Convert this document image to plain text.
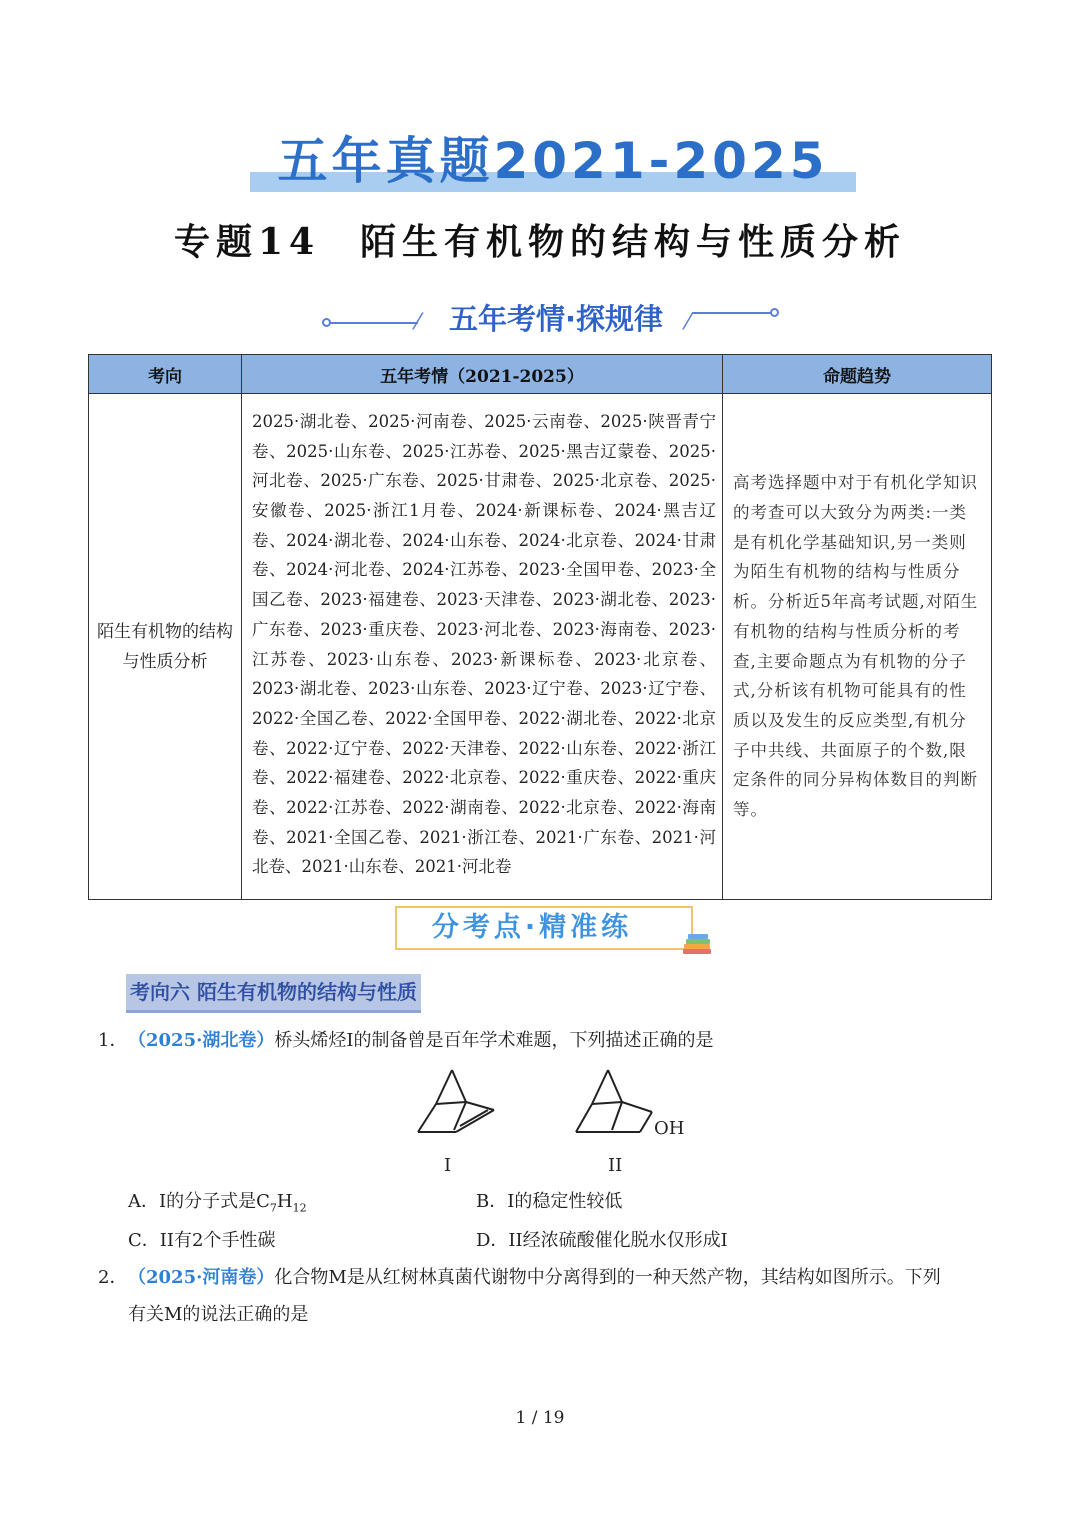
五年真题2021-2025
专题14 陌生有机物的结构与性质分析
⁄	五年考情·探规律	⁄
考向	五年考情（2021-2025）	命题趋势
陌生有机物的结构与性质分析	2025·湖北卷、2025·河南卷、2025·云南卷、2025·陕晋青宁卷、2025·山东卷、2025·江苏卷、2025·黑吉辽蒙卷、2025·河北卷、2025·广东卷、2025·甘肃卷、2025·北京卷、2025·安徽卷、2025·浙江1月卷、2024·新课标卷、2024·黑吉辽卷、2024·湖北卷、2024·山东卷、2024·北京卷、2024·甘肃卷、2024·河北卷、2024·江苏卷、2023·全国甲卷、2023·全国乙卷、2023·福建卷、2023·天津卷、2023·湖北卷、2023·广东卷、2023·重庆卷、2023·河北卷、2023·海南卷、2023·江苏卷、2023·山东卷、2023·新课标卷、2023·北京卷、2023·湖北卷、2023·山东卷、2023·辽宁卷、2023·辽宁卷、2022·全国乙卷、2022·全国甲卷、2022·湖北卷、2022·北京卷、2022·辽宁卷、2022·天津卷、2022·山东卷、2022·浙江卷、2022·福建卷、2022·北京卷、2022·重庆卷、2022·重庆卷、2022·江苏卷、2022·湖南卷、2022·北京卷、2022·海南卷、2021·全国乙卷、2021·浙江卷、2021·广东卷、2021·河北卷、2021·山东卷、2021·河北卷	高考选择题中对于有机化学知识的考查可以大致分为两类:一类是有机化学基础知识,另一类则为陌生有机物的结构与性质分析。分析近5年高考试题,对陌生有机物的结构与性质分析的考查,主要命题点为有机物的分子式,分析该有机物可能具有的性质以及发生的反应类型,有机分子中共线、共面原子的个数,限定条件的同分异构体数目的判断等。
分考点·精准练
考向六 陌生有机物的结构与性质
1．（2025·湖北卷）桥头烯烃I的制备曾是百年学术难题，下列描述正确的是
OH
I	II
A．I的分子式是$C_7H_{12}$	B．I的稳定性较低
C．II有2个手性碳	D．II经浓硫酸催化脱水仅形成I
2．（2025·河南卷）化合物M是从红树林真菌代谢物中分离得到的一种天然产物，其结构如图所示。下列
有关M的说法正确的是
1 / 19
